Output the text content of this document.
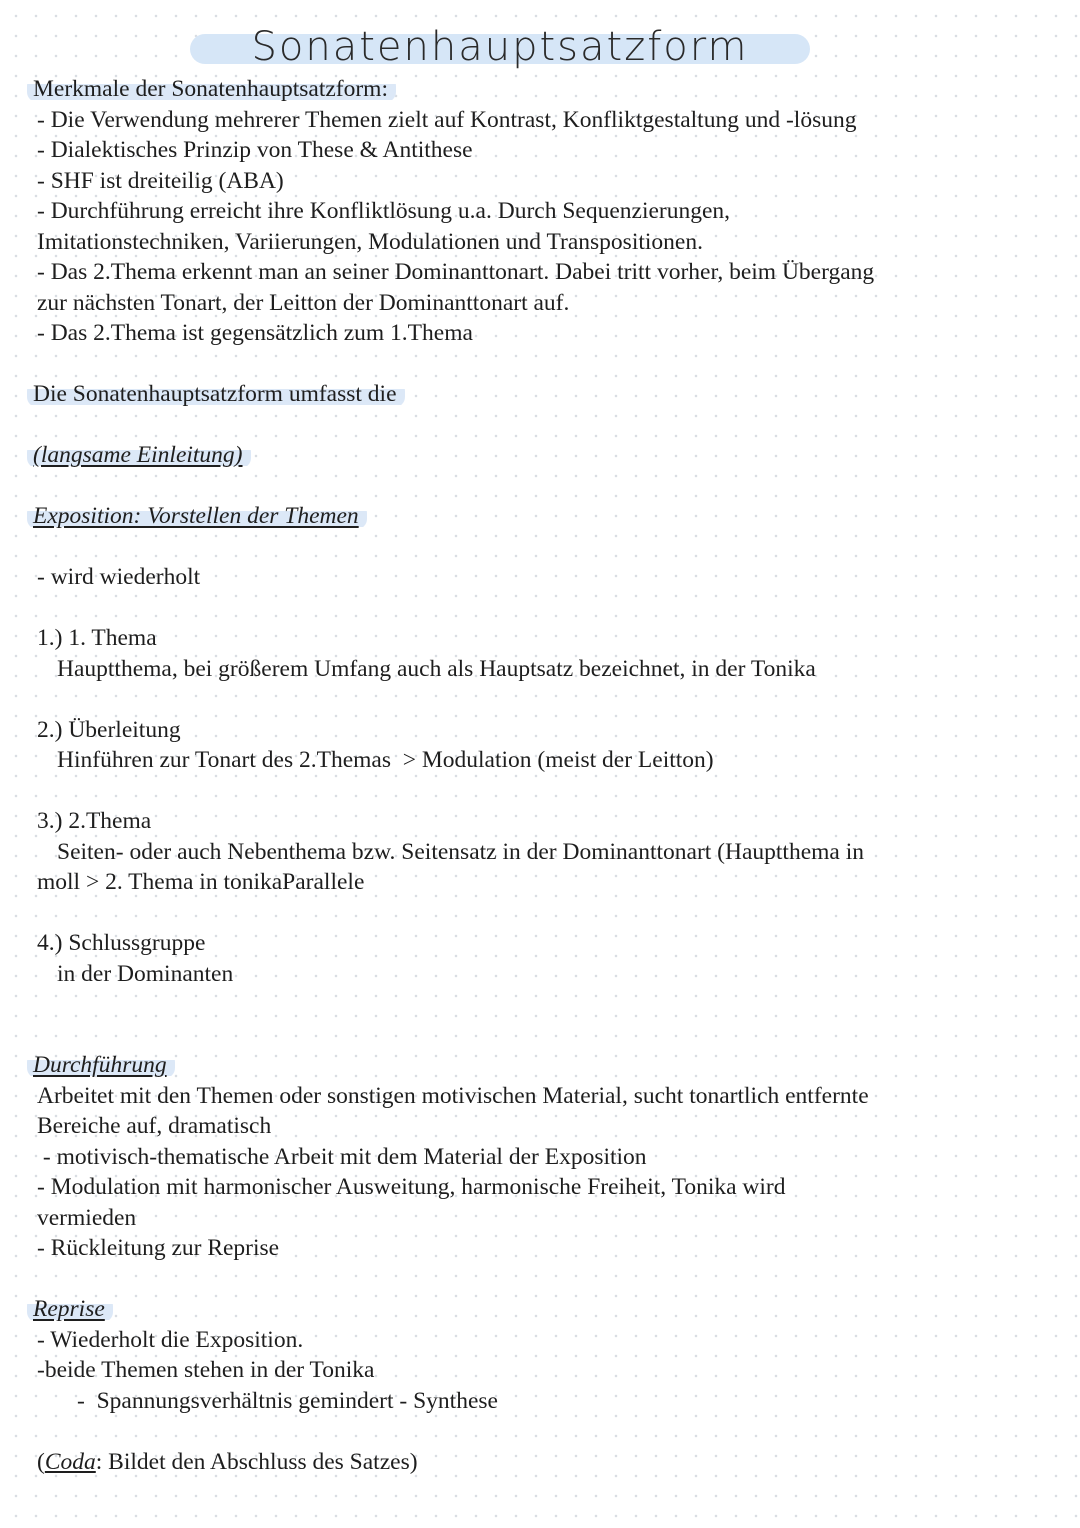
Sonatenhauptsatzform
Merkmale der Sonatenhauptsatzform:
- Die Verwendung mehrerer Themen zielt auf Kontrast, Konfliktgestaltung und -lösung
- Dialektisches Prinzip von These & Antithese
- SHF ist dreiteilig (ABA)
- Durchführung erreicht ihre Konfliktlösung u.a. Durch Sequenzierungen,
Imitationstechniken, Variierungen, Modulationen und Transpositionen.
- Das 2.Thema erkennt man an seiner Dominanttonart. Dabei tritt vorher, beim Übergang
zur nächsten Tonart, der Leitton der Dominanttonart auf.
- Das 2.Thema ist gegensätzlich zum 1.Thema
Die Sonatenhauptsatzform umfasst die
(langsame Einleitung)
Exposition: Vorstellen der Themen
- wird wiederholt
1.) 1. Thema
Hauptthema, bei größerem Umfang auch als Hauptsatz bezeichnet, in der Tonika
2.) Überleitung
Hinführen zur Tonart des 2.Themas  > Modulation (meist der Leitton)
3.) 2.Thema
Seiten- oder auch Nebenthema bzw. Seitensatz in der Dominanttonart (Hauptthema in
moll > 2. Thema in tonikaParallele
4.) Schlussgruppe
in der Dominanten
Durchführung
Arbeitet mit den Themen oder sonstigen motivischen Material, sucht tonartlich entfernte
Bereiche auf, dramatisch
- motivisch-thematische Arbeit mit dem Material der Exposition
- Modulation mit harmonischer Ausweitung, harmonische Freiheit, Tonika wird
vermieden
- Rückleitung zur Reprise
Reprise
- Wiederholt die Exposition.
-beide Themen stehen in der Tonika
-  Spannungsverhältnis gemindert - Synthese
(Coda: Bildet den Abschluss des Satzes)
